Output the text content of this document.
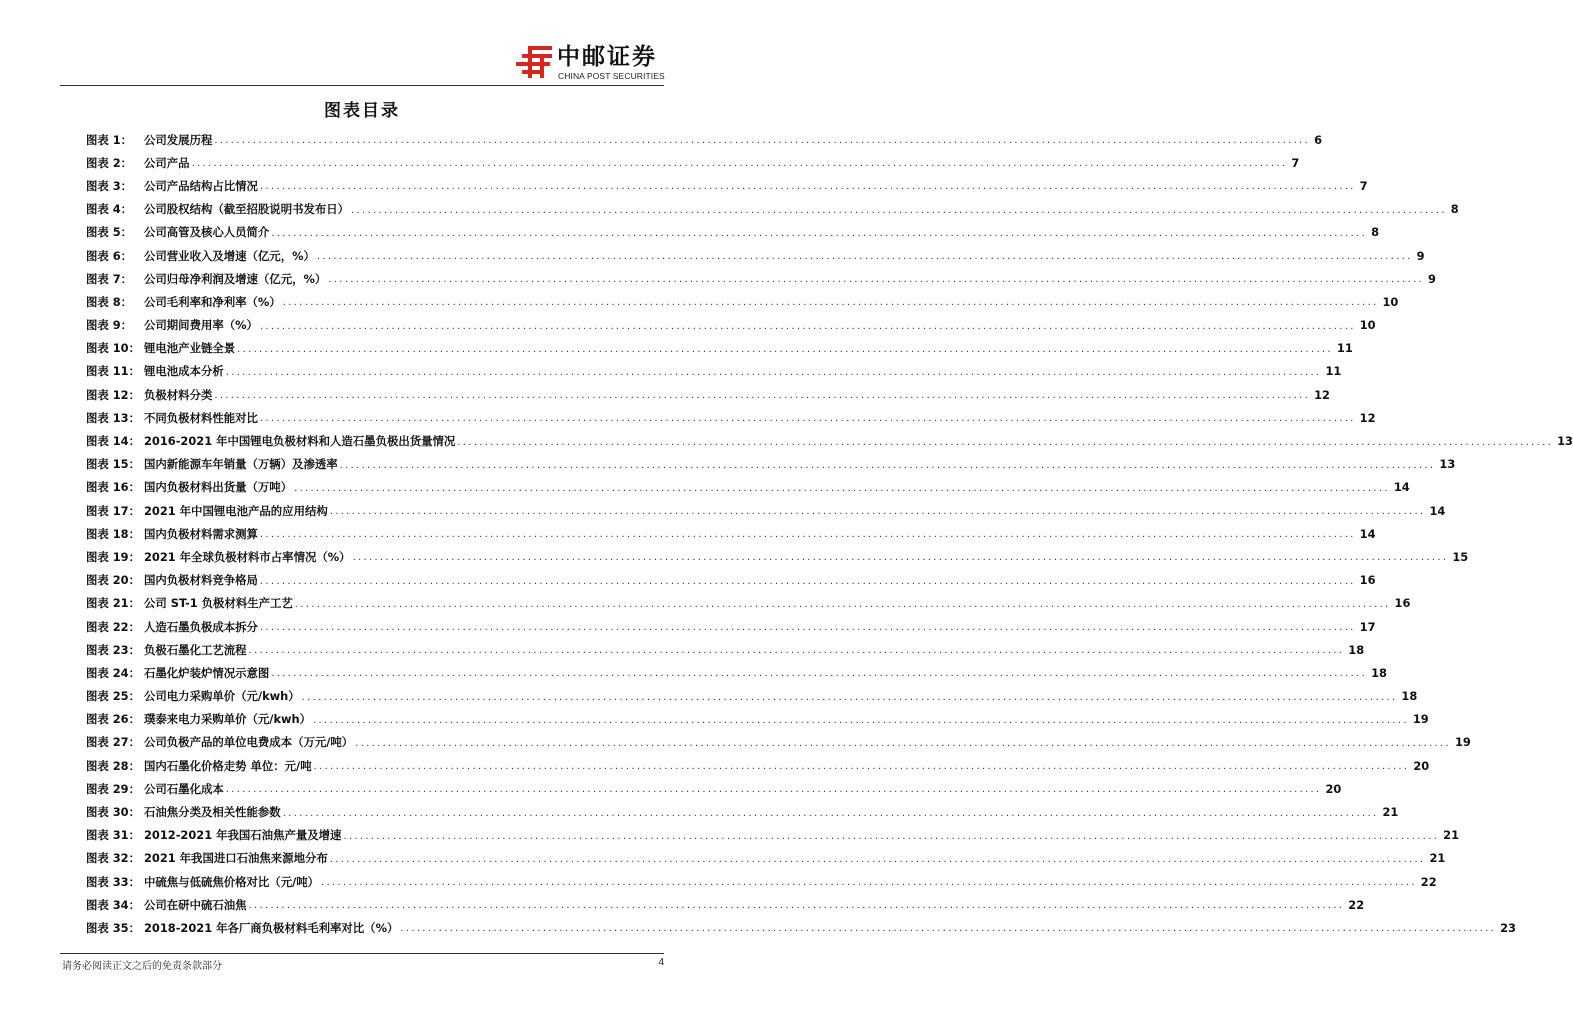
中邮证券
CHINA POST SECURITIES
图表目录
图表 1：	公司发展历程 ........................................................................................................................................................................................................ 6
图表 2：	公司产品 ........................................................................................................................................................................................................ 7
图表 3：	公司产品结构占比情况 ........................................................................................................................................................................................................ 7
图表 4：	公司股权结构（截至招股说明书发布日） ........................................................................................................................................................................................................ 8
图表 5：	公司高管及核心人员简介 ........................................................................................................................................................................................................ 8
图表 6：	公司营业收入及增速（亿元，%） ........................................................................................................................................................................................................ 9
图表 7：	公司归母净利润及增速（亿元，%） ........................................................................................................................................................................................................ 9
图表 8：	公司毛利率和净利率（%） ........................................................................................................................................................................................................ 10
图表 9：	公司期间费用率（%） ........................................................................................................................................................................................................ 10
图表 10： 锂电池产业链全景 ........................................................................................................................................................................................................ 11
图表 11： 锂电池成本分析 ........................................................................................................................................................................................................ 11
图表 12： 负极材料分类 ........................................................................................................................................................................................................ 12
图表 13： 不同负极材料性能对比 ........................................................................................................................................................................................................ 12
图表 14： 2016-2021 年中国锂电负极材料和人造石墨负极出货量情况 ........................................................................................................................................................................................................ 13
图表 15： 国内新能源车年销量（万辆）及渗透率 ........................................................................................................................................................................................................ 13
图表 16： 国内负极材料出货量（万吨） ........................................................................................................................................................................................................ 14
图表 17： 2021 年中国锂电池产品的应用结构 ........................................................................................................................................................................................................ 14
图表 18： 国内负极材料需求测算 ........................................................................................................................................................................................................ 14
图表 19： 2021 年全球负极材料市占率情况（%） ........................................................................................................................................................................................................ 15
图表 20： 国内负极材料竞争格局 ........................................................................................................................................................................................................ 16
图表 21： 公司 ST-1 负极材料生产工艺 ........................................................................................................................................................................................................ 16
图表 22： 人造石墨负极成本拆分 ........................................................................................................................................................................................................ 17
图表 23： 负极石墨化工艺流程 ........................................................................................................................................................................................................ 18
图表 24： 石墨化炉装炉情况示意图 ........................................................................................................................................................................................................ 18
图表 25： 公司电力采购单价（元/kwh） ........................................................................................................................................................................................................ 18
图表 26： 璞泰来电力采购单价（元/kwh） ........................................................................................................................................................................................................ 19
图表 27： 公司负极产品的单位电费成本（万元/吨） ........................................................................................................................................................................................................ 19
图表 28： 国内石墨化价格走势 单位：元/吨 ........................................................................................................................................................................................................ 20
图表 29： 公司石墨化成本 ........................................................................................................................................................................................................ 20
图表 30： 石油焦分类及相关性能参数 ........................................................................................................................................................................................................ 21
图表 31： 2012-2021 年我国石油焦产量及增速 ........................................................................................................................................................................................................ 21
图表 32： 2021 年我国进口石油焦来源地分布 ........................................................................................................................................................................................................ 21
图表 33： 中硫焦与低硫焦价格对比（元/吨） ........................................................................................................................................................................................................ 22
图表 34： 公司在研中硫石油焦 ........................................................................................................................................................................................................ 22
图表 35： 2018-2021 年各厂商负极材料毛利率对比（%） ........................................................................................................................................................................................................ 23
请务必阅读正文之后的免责条款部分	4
